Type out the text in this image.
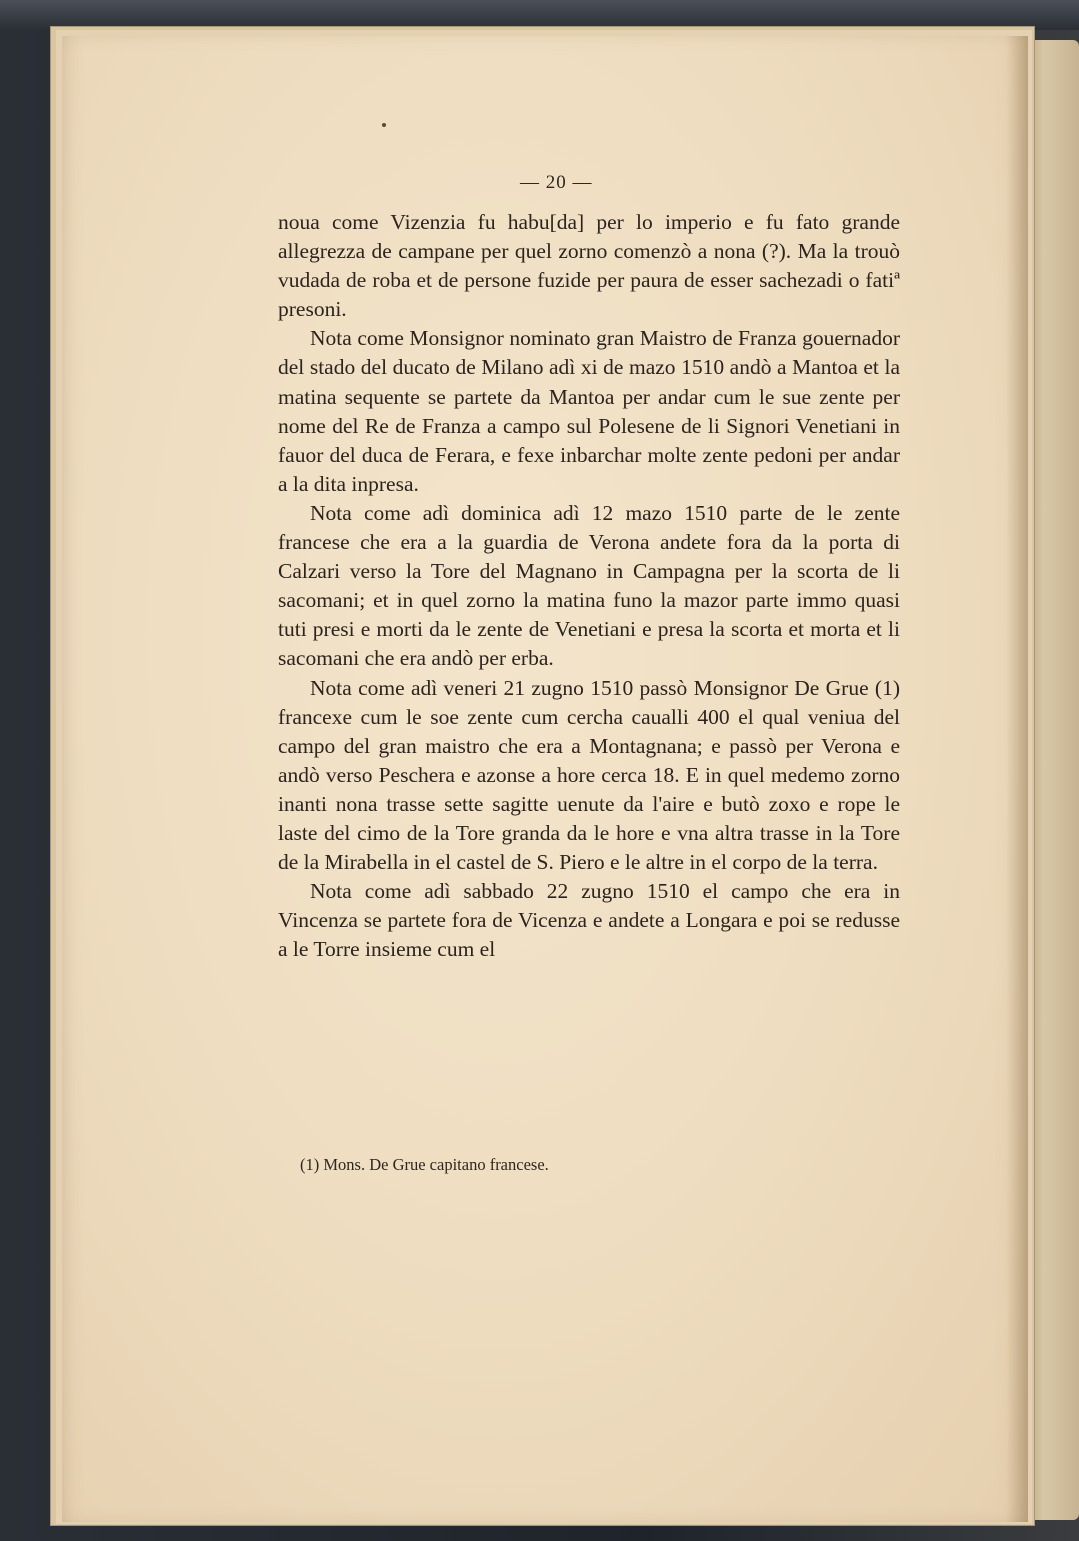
— 20 —

noua come Vizenzia fu habu[da] per lo imperio e fu fato grande allegrezza de campane per quel zorno comenzò a nona (?). Ma la trouò vudada de roba et de persone fuzide per paura de esser sachezadi o fatiª presoni.

Nota come Monsignor nominato gran Maistro de Franza gouernador del stado del ducato de Milano adì xi de mazo 1510 andò a Mantoa et la matina sequente se partete da Mantoa per andar cum le sue zente per nome del Re de Franza a campo sul Polesene de li Signori Venetiani in fauor del duca de Ferara, e fexe inbarchar molte zente pedoni per andar a la dita inpresa.

Nota come adì dominica adì 12 mazo 1510 parte de le zente francese che era a la guardia de Verona andete fora da la porta di Calzari verso la Tore del Magnano in Campagna per la scorta de li sacomani; et in quel zorno la matina funo la mazor parte immo quasi tuti presi e morti da le zente de Venetiani e presa la scorta et morta et li sacomani che era andò per erba.

Nota come adì veneri 21 zugno 1510 passò Monsignor De Grue (1) francexe cum le soe zente cum cercha caualli 400 el qual veniua del campo del gran maistro che era a Montagnana; e passò per Verona e andò verso Peschera e azonse a hore cerca 18. E in quel medemo zorno inanti nona trasse sette sagitte uenute da l'aire e butò zoxo e rope le laste del cimo de la Tore granda da le hore e vna altra trasse in la Tore de la Mirabella in el castel de S. Piero e le altre in el corpo de la terra.

Nota come adì sabbado 22 zugno 1510 el campo che era in Vincenza se partete fora de Vicenza e andete a Longara e poi se redusse a le Torre insieme cum el

(1) Mons. De Grue capitano francese.
